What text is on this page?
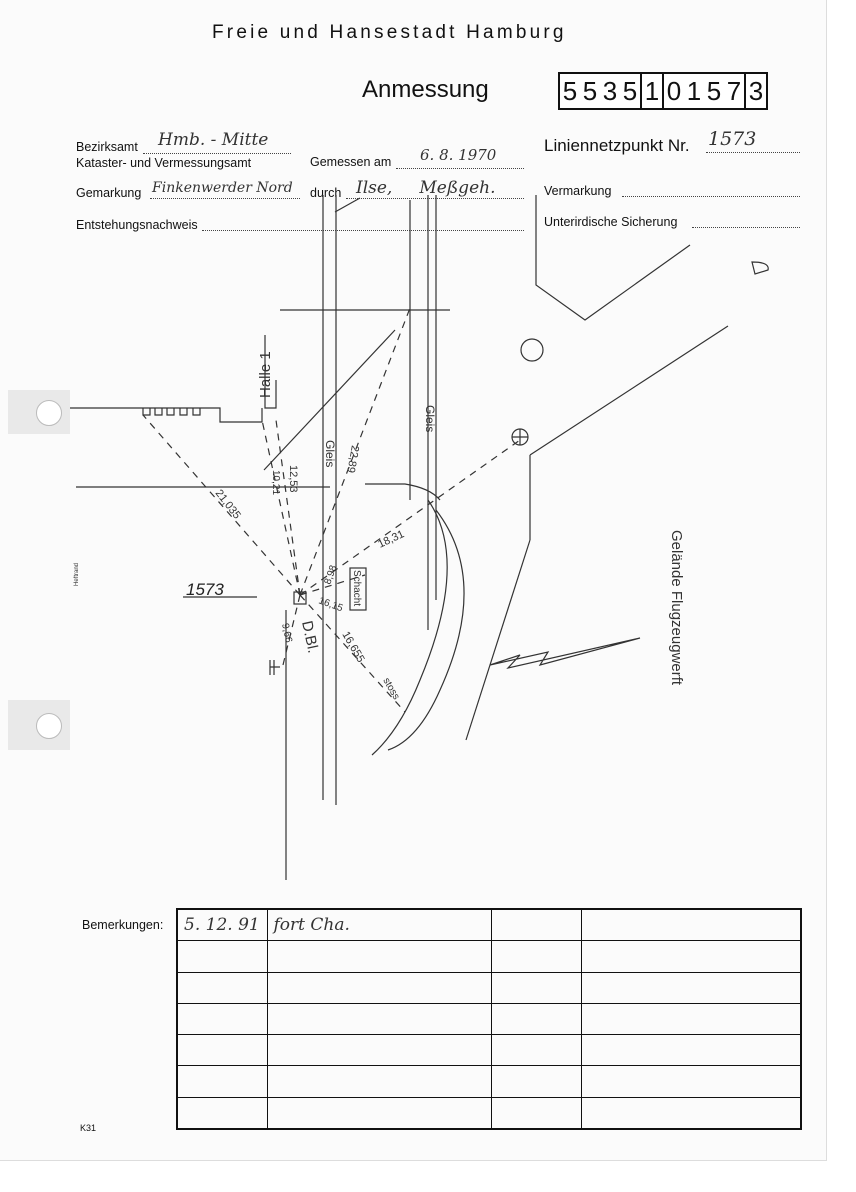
Freie und Hansestadt Hamburg
Anmessung	5 5 3 5 1 0 1 5 7 3
Bezirksamt Hmb. - Mitte
Kataster- und Vermessungsamt	Gemessen am 6. 8. 1970
Gemarkung Finkenwerder Nord durch Ilse,     Meßgeh.
Entstehungsnachweis
Liniennetzpunkt Nr. 1573
Vermarkung
Unterirdische Sicherung
Halle 1
1573
Gleis
Gleis
Schacht
D.Bl.
stoss
Gelände Flugzeugwerft
21,035
12,53
10,21
22,89
18,31
8,98
16,15
16,655
9,66
Heftrand
Bemerkungen: 5. 12. 91	fort Cha.		

K31
